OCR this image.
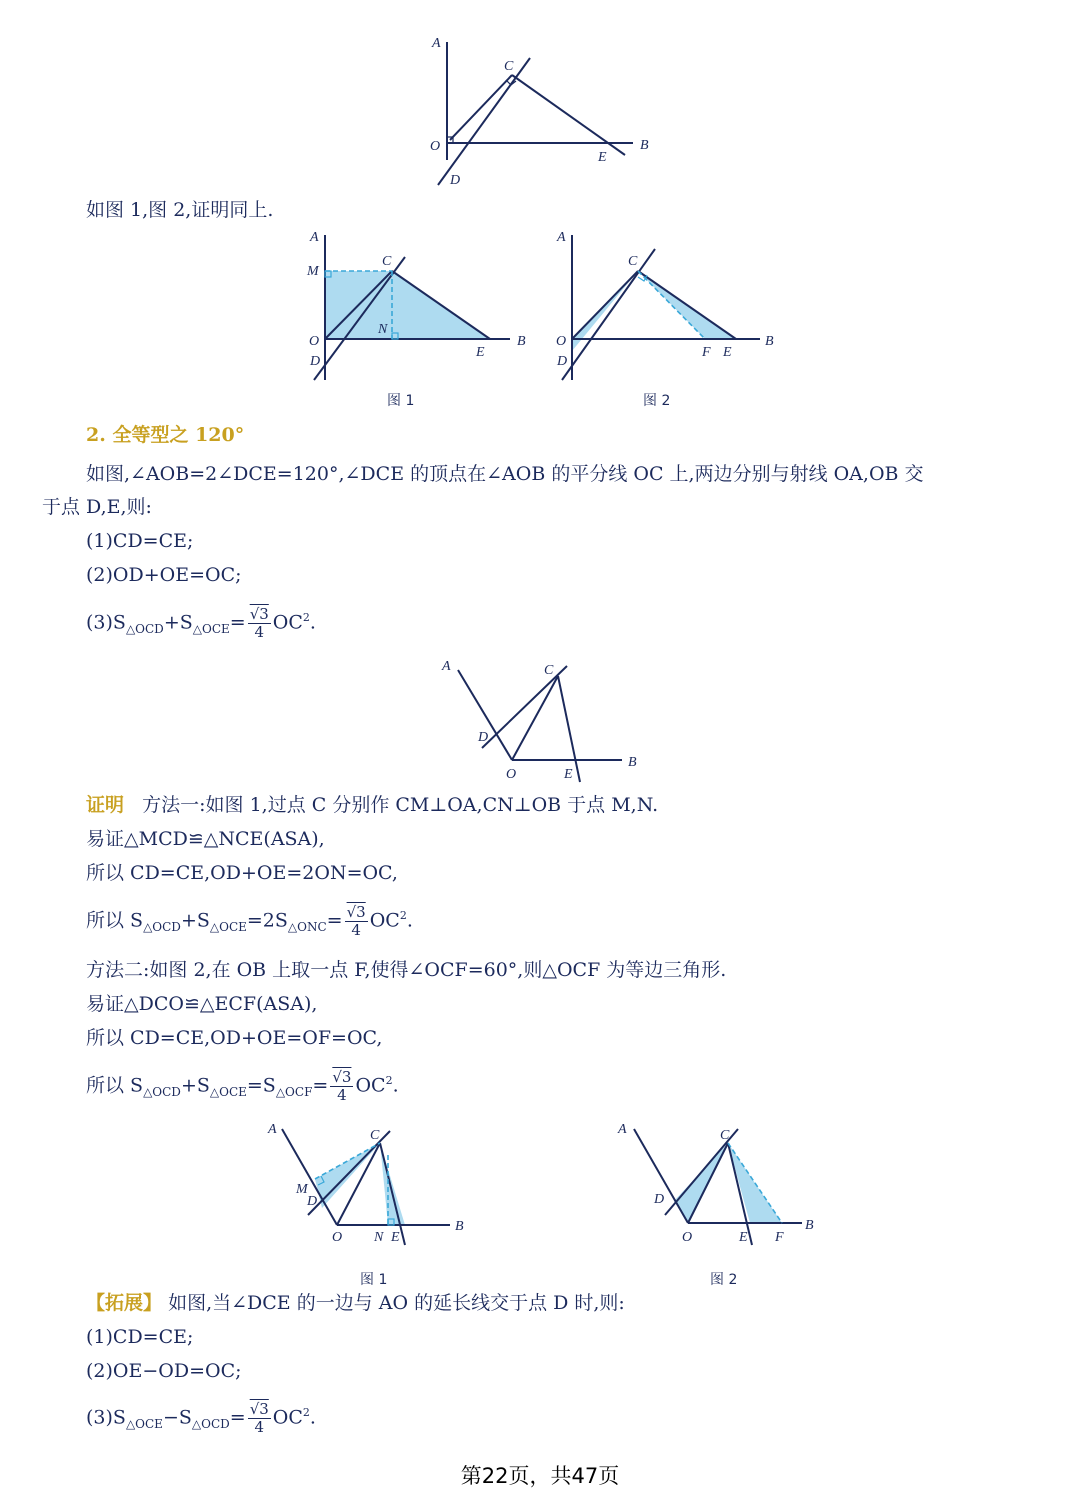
A
C
O	B
E
D
如图 1,图 2,证明同上.
A
M
C
N
O
D
E
B
图 1
A
C
O
D
F E
B
图 2
2. 全等型之 120°
如图,∠AOB=2∠DCE=120°,∠DCE 的顶点在∠AOB 的平分线 OC 上,两边分别与射线 OA,OB 交
于点 D,E,则:
(1)CD=CE;
(2)OD+OE=OC;
$(3)S_{\triangle OCD}+S_{\triangle OCE}= \frac{√3}{4} OC^2$.
A	C
D
O	E
B
证明 方法一:如图 1,过点 C 分别作 CM⊥OA,CN⊥OB 于点 M,N.
易证△MCD≌△NCE(ASA),
所以 CD=CE,OD+OE=2ON=OC,
所以 $S_{\triangle OCD}+S_{\triangle OCE}=2S_{\triangle ONC}= \frac{√3}{4} OC^2$.
方法二:如图 2,在 OB 上取一点 F,使得∠OCF=60°,则△OCF 为等边三角形.
易证△DCO≌△ECF(ASA),
所以 CD=CE,OD+OE=OF=OC,
所以 $S_{\triangle OCD}+S_{\triangle OCE}=S_{\triangle OCF}= \frac{√3}{4} OC^2$.
A	C
M
D
O N E
B
图 1
A	C
D
O	E F
B
图 2
【拓展】 如图,当∠DCE 的一边与 AO 的延长线交于点 D 时,则:
(1)CD=CE;
(2)OE−OD=OC;
$(3)S_{\triangle OCE}-S_{\triangle OCD}= \frac{√3}{4} OC^2$.
第22页，共47页
